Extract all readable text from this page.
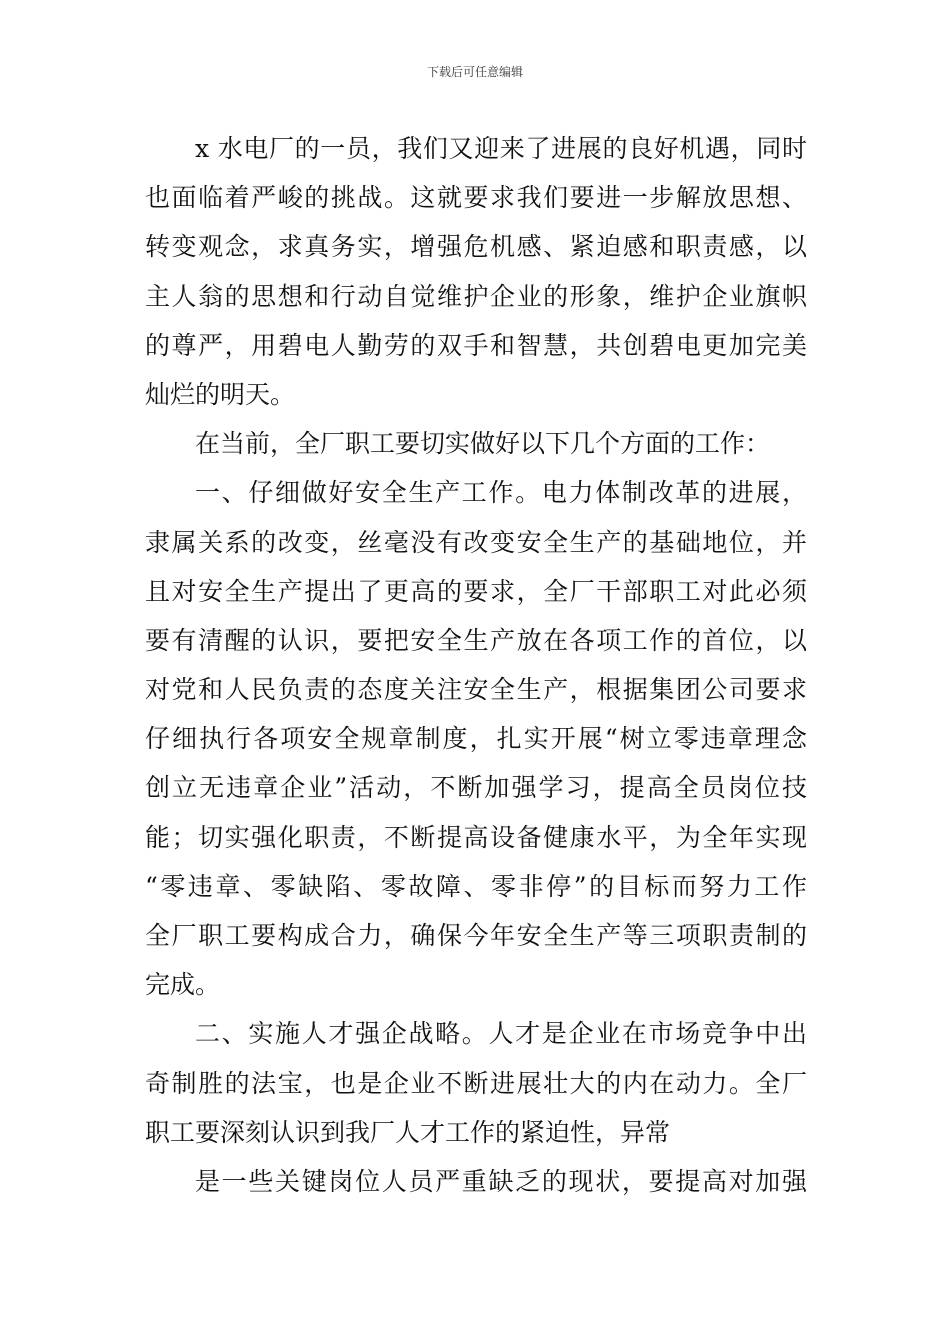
下载后可任意编辑
x 水电厂的一员，我们又迎来了进展的良好机遇，同时
也面临着严峻的挑战。这就要求我们要进一步解放思想、
转变观念，求真务实，增强危机感、紧迫感和职责感，以
主人翁的思想和行动自觉维护企业的形象，维护企业旗帜
的尊严，用碧电人勤劳的双手和智慧，共创碧电更加完美
灿烂的明天。
在当前，全厂职工要切实做好以下几个方面的工作：
一、仔细做好安全生产工作。电力体制改革的进展，
隶属关系的改变，丝毫没有改变安全生产的基础地位，并
且对安全生产提出了更高的要求，全厂干部职工对此必须
要有清醒的认识，要把安全生产放在各项工作的首位，以
对党和人民负责的态度关注安全生产，根据集团公司要求
仔细执行各项安全规章制度，扎实开展“树立零违章理念
创立无违章企业”活动，不断加强学习，提高全员岗位技
能；切实强化职责，不断提高设备健康水平，为全年实现
“零违章、零缺陷、零故障、零非停”的目标而努力工作
全厂职工要构成合力，确保今年安全生产等三项职责制的
完成。
二、实施人才强企战略。人才是企业在市场竞争中出
奇制胜的法宝，也是企业不断进展壮大的内在动力。全厂
职工要深刻认识到我厂人才工作的紧迫性，异常
是一些关键岗位人员严重缺乏的现状，要提高对加强
